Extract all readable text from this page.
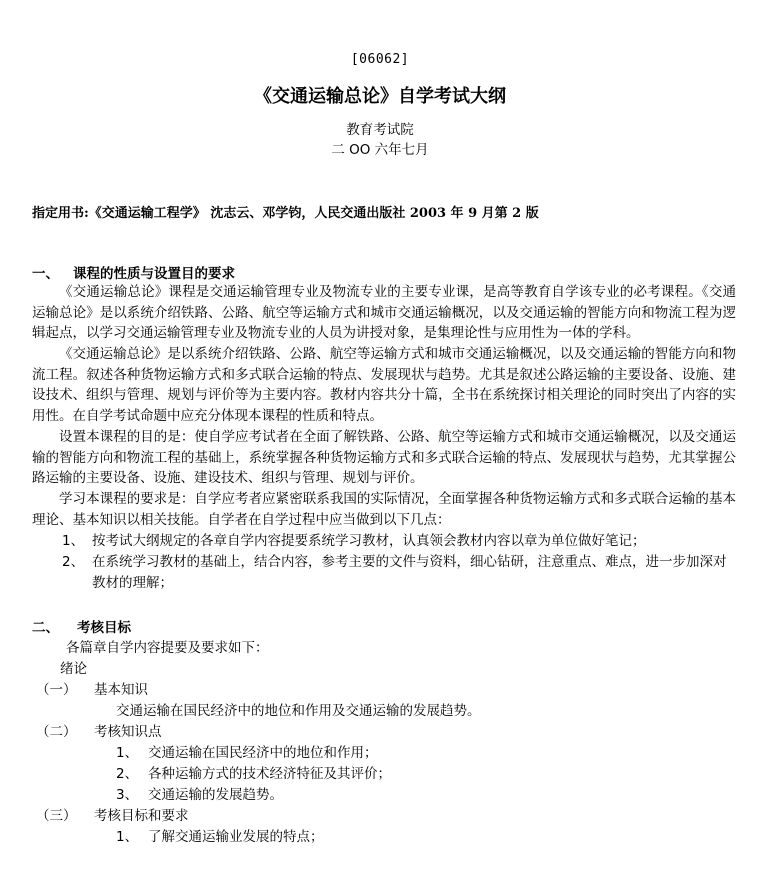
[06062]
《交通运输总论》自学考试大纲
教育考试院
二 OO 六年七月
指定用书:《交通运输工程学》 沈志云、邓学钧，人民交通出版社 2003 年 9 月第 2 版
一、 课程的性质与设置目的要求
《交通运输总论》课程是交通运输管理专业及物流专业的主要专业课，是高等教育自学该专业的必考课程。《交通运输总论》是以系统介绍铁路、公路、航空等运输方式和城市交通运输概况，以及交通运输的智能方向和物流工程为逻辑起点，以学习交通运输管理专业及物流专业的人员为讲授对象，是集理论性与应用性为一体的学科。
《交通运输总论》是以系统介绍铁路、公路、航空等运输方式和城市交通运输概况，以及交通运输的智能方向和物流工程。叙述各种货物运输方式和多式联合运输的特点、发展现状与趋势。尤其是叙述公路运输的主要设备、设施、建设技术、组织与管理、规划与评价等为主要内容。教材内容共分十篇，全书在系统探讨相关理论的同时突出了内容的实用性。在自学考试命题中应充分体现本课程的性质和特点。
设置本课程的目的是：使自学应考试者在全面了解铁路、公路、航空等运输方式和城市交通运输概况，以及交通运输的智能方向和物流工程的基础上，系统掌握各种货物运输方式和多式联合运输的特点、发展现状与趋势，尤其掌握公路运输的主要设备、设施、建设技术、组织与管理、规划与评价。
学习本课程的要求是：自学应考者应紧密联系我国的实际情况，全面掌握各种货物运输方式和多式联合运输的基本理论、基本知识以相关技能。自学者在自学过程中应当做到以下几点：
1、 按考试大纲规定的各章自学内容提要系统学习教材，认真领会教材内容以章为单位做好笔记；
2、 在系统学习教材的基础上，结合内容，参考主要的文件与资料，细心钻研，注意重点、难点，进一步加深对教材的理解；
二、 考核目标
各篇章自学内容提要及要求如下：
绪论
（一） 基本知识
交通运输在国民经济中的地位和作用及交通运输的发展趋势。
（二） 考核知识点
1、 交通运输在国民经济中的地位和作用；
2、 各种运输方式的技术经济特征及其评价；
3、 交通运输的发展趋势。
（三） 考核目标和要求
1、 了解交通运输业发展的特点；
